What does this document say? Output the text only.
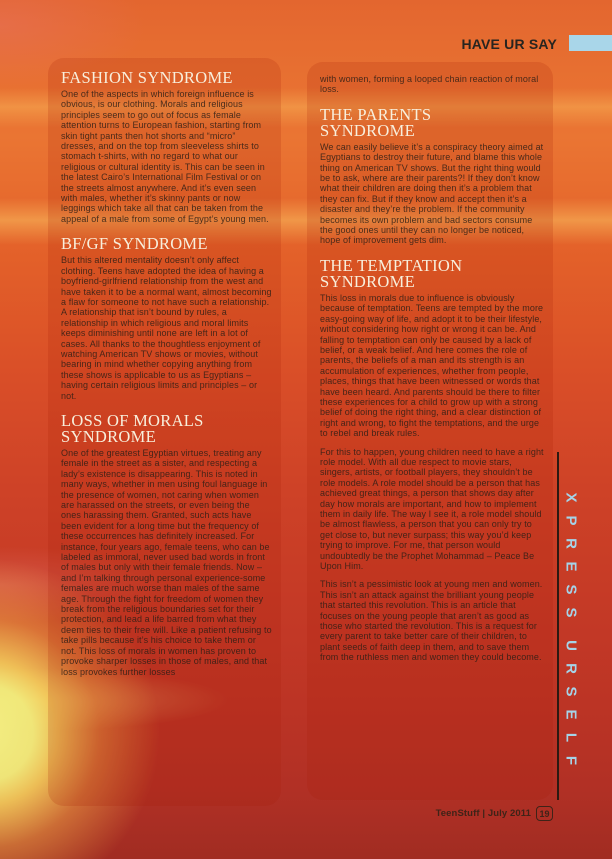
HAVE UR SAY
FASHION SYNDROME

One of the aspects in which foreign influence is obvious, is our clothing. Morals and religious principles seem to go out of focus as female attention turns to European fashion, starting from skin tight pants then hot shorts and “micro” dresses, and on the top from sleeveless shirts to stomach t-shirts, with no regard to what our religious or cultural identity is. This can be seen in the latest Cairo’s International Film Festival or on the streets almost anywhere. And it’s even seen with males, whether it’s skinny pants or now leggings which take all that can be taken from the appeal of a male from some of Egypt’s young men.

BF/GF SYNDROME

But this altered mentality doesn’t only affect clothing. Teens have adopted the idea of having a boyfriend-girlfriend relationship from the west and have taken it to be a normal want, almost becoming a flaw for someone to not have such a relationship. A relationship that isn’t bound by rules, a relationship in which religious and moral limits keeps diminishing until none are left in a lot of cases. All thanks to the thoughtless enjoyment of watching American TV shows or movies, without bearing in mind whether copying anything from these shows is applicable to us as Egyptians – having certain religious limits and principles – or not.

LOSS OF MORALS SYNDROME

One of the greatest Egyptian virtues, treating any female in the street as a sister, and respecting a lady’s existence is disappearing. This is noted in many ways, whether in men using foul language in the presence of women, not caring when women are harassed on the streets, or even being the ones harassing them. Granted, such acts have been evident for a long time but the frequency of these occurrences has definitely increased. For instance, four years ago, female teens, who can be labeled as immoral, never used bad words in front of males but only with their female friends. Now – and I’m talking through personal experience-some females are much worse than males of the same age. Through the fight for freedom of women they break from the religious boundaries set for their protection, and lead a life barred from what they deem ties to their free will. Like a patient refusing to take pills because it’s his choice to take them or not. This loss of morals in women has proven to provoke sharper losses in those of males, and that loss provokes further losses

with women, forming a looped chain reaction of moral loss.

THE PARENTS SYNDROME

We can easily believe it’s a conspiracy theory aimed at Egyptians to destroy their future, and blame this whole thing on American TV shows. But the right thing would be to ask, where are their parents?! If they don’t know what their children are doing then it’s a problem that they can fix. But if they know and accept then it’s a disaster and they’re the problem. If the community becomes its own problem and bad sectors consume the good ones until they can no longer be noticed, hope of improvement gets dim.

THE TEMPTATION SYNDROME

This loss in morals due to influence is obviously because of temptation. Teens are tempted by the more easy-going way of life, and adopt it to be their lifestyle, without considering how right or wrong it can be. And falling to temptation can only be caused by a lack of belief, or a weak belief. And here comes the role of parents, the beliefs of a man and its strength is an accumulation of experiences, whether from people, places, things that have been witnessed or words that have been heard. And parents should be there to filter these experiences for a child to grow up with a strong belief of doing the right thing, and a clear distinction of right and wrong, to fight the temptations, and the urge to rebel and break rules.

For this to happen, young children need to have a right role model. With all due respect to movie stars, singers, artists, or football players, they shouldn’t be role models. A role model should be a person that has achieved great things, a person that shows day after day how morals are important, and how to implement them in daily life. The way I see it, a role model should be almost flawless, a person that you can only try to get close to, but never surpass; this way you’d keep trying to improve. For me, that person would undoubtedly be the Prophet Mohammad – Peace Be Upon Him.

This isn’t a pessimistic look at young men and women. This isn’t an attack against the brilliant young people that started this revolution. This is an article that focuses on the young people that aren’t as good as those who started the revolution. This is a request for every parent to take better care of their children, to plant seeds of faith deep in them, and to save them from the ruthless men and women they could become.

X
P
R
E
S
S
U
R
S
E
L
F
TeenStuff | July 2011 19
